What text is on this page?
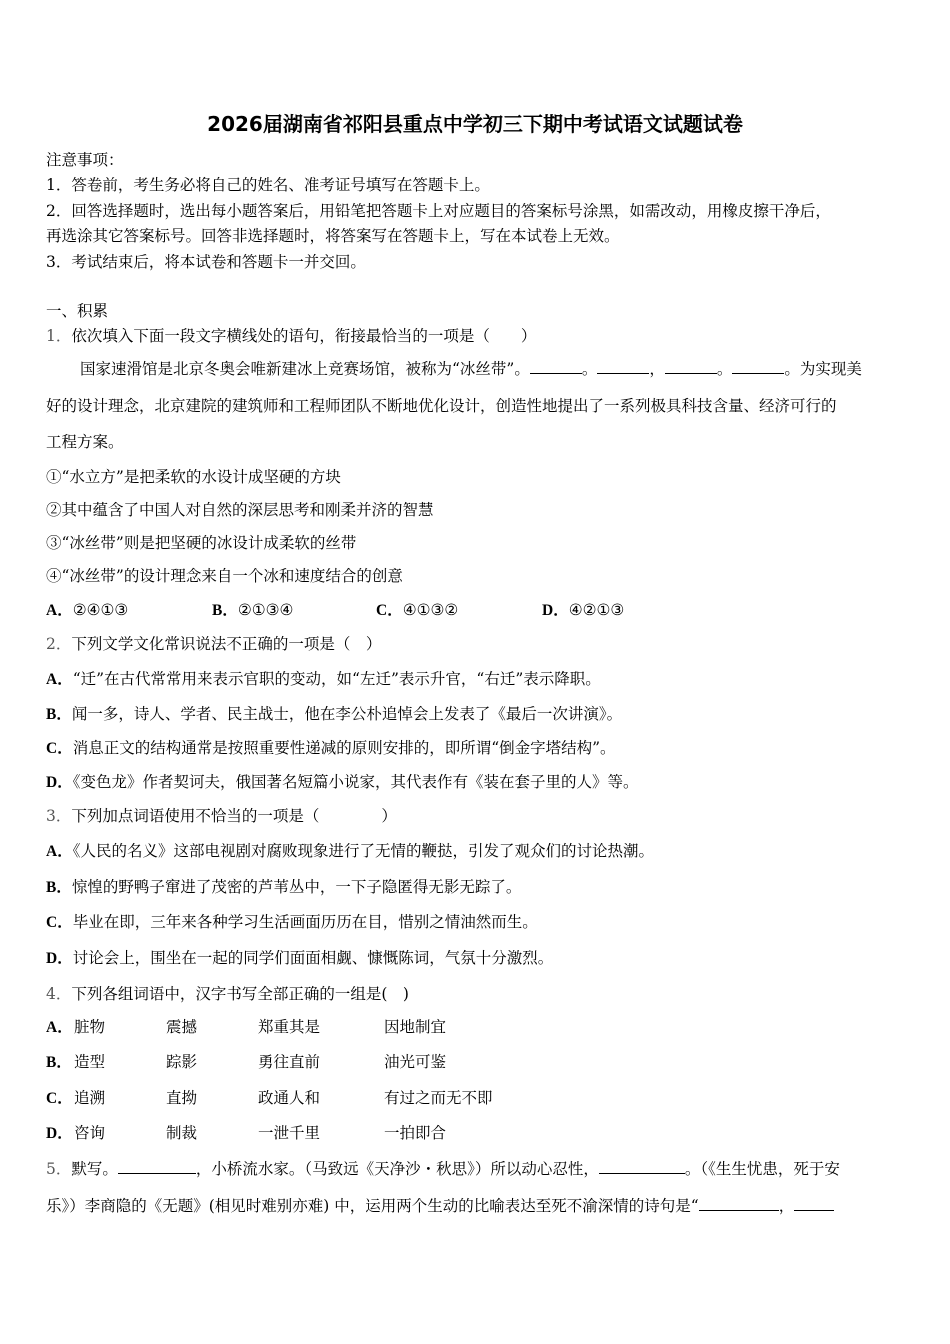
2026届湖南省祁阳县重点中学初三下期中考试语文试题试卷
注意事项：
1．答卷前，考生务必将自己的姓名、准考证号填写在答题卡上。
2．回答选择题时，选出每小题答案后，用铅笔把答题卡上对应题目的答案标号涂黑，如需改动，用橡皮擦干净后，
再选涂其它答案标号。回答非选择题时，将答案写在答题卡上，写在本试卷上无效。
3．考试结束后，将本试卷和答题卡一并交回。
一、积累
1．依次填入下面一段文字横线处的语句，衔接最恰当的一项是（　　）
国家速滑馆是北京冬奥会唯新建冰上竞赛场馆，被称为“冰丝带”。	。	，	。	。为实现美
好的设计理念，北京建院的建筑师和工程师团队不断地优化设计，创造性地提出了一系列极具科技含量、经济可行的
工程方案。
①“水立方”是把柔软的水设计成坚硬的方块
②其中蕴含了中国人对自然的深层思考和刚柔并济的智慧
③“冰丝带”则是把坚硬的冰设计成柔软的丝带
④“冰丝带”的设计理念来自一个冰和速度结合的创意
A．②④①③	B．②①③④	C．④①③②	D．④②①③
2．下列文学文化常识说法不正确的一项是（　）
A．“迁”在古代常常用来表示官职的变动，如“左迁”表示升官，“右迁”表示降职。
B．闻一多，诗人、学者、民主战士，他在李公朴追悼会上发表了《最后一次讲演》。
C．消息正文的结构通常是按照重要性递减的原则安排的，即所谓“倒金字塔结构”。
D．《变色龙》作者契诃夫，俄国著名短篇小说家，其代表作有《装在套子里的人》等。
3．下列加点词语使用不恰当的一项是（　　　　）
A．《人民的名义》这部电视剧对腐败现象进行了无情的鞭挞，引发了观众们的讨论热潮。
B．惊惶的野鸭子窜进了茂密的芦苇丛中，一下子隐匿得无影无踪了。
C．毕业在即，三年来各种学习生活画面历历在目，惜别之情油然而生。
D．讨论会上，围坐在一起的同学们面面相觑、慷慨陈词，气氛十分激烈。
4．下列各组词语中，汉字书写全部正确的一组是(　)
A． 脏物	震撼	郑重其是	因地制宜
B． 造型	踪影	勇往直前	油光可鉴
C． 追溯	直拗	政通人和	有过之而无不即
D． 咨询	制裁	一泄千里	一拍即合
5．默写。	，小桥流水家。（马致远《天净沙・秋思》）所以动心忍性，	。（《生生忧患，死于安
乐》）李商隐的《无题》(相见时难别亦难) 中，运用两个生动的比喻表达至死不渝深情的诗句是“	，
